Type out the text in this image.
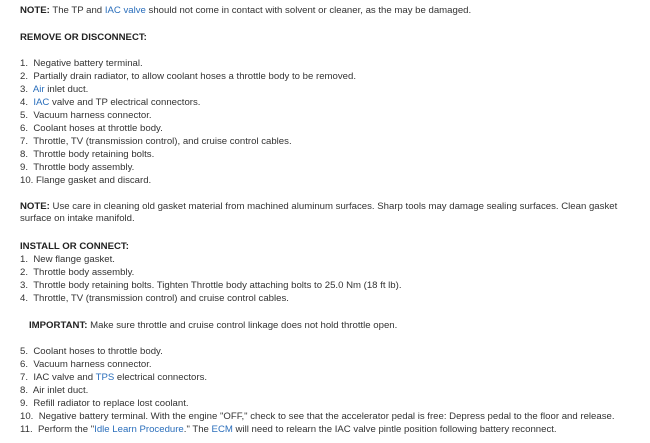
NOTE: The TP and IAC valve should not come in contact with solvent or cleaner, as the may be damaged.
REMOVE OR DISCONNECT:
1. Negative battery terminal.
2. Partially drain radiator, to allow coolant hoses a throttle body to be removed.
3. Air inlet duct.
4. IAC valve and TP electrical connectors.
5. Vacuum harness connector.
6. Coolant hoses at throttle body.
7. Throttle, TV (transmission control), and cruise control cables.
8. Throttle body retaining bolts.
9. Throttle body assembly.
10. Flange gasket and discard.
NOTE: Use care in cleaning old gasket material from machined aluminum surfaces. Sharp tools may damage sealing surfaces. Clean gasket surface on intake manifold.
INSTALL OR CONNECT:
1. New flange gasket.
2. Throttle body assembly.
3. Throttle body retaining bolts. Tighten Throttle body attaching bolts to 25.0 Nm (18 ft lb).
4. Throttle, TV (transmission control) and cruise control cables.
IMPORTANT: Make sure throttle and cruise control linkage does not hold throttle open.
5. Coolant hoses to throttle body.
6. Vacuum harness connector.
7. IAC valve and TPS electrical connectors.
8. Air inlet duct.
9. Refill radiator to replace lost coolant.
10. Negative battery terminal. With the engine "OFF," check to see that the accelerator pedal is free: Depress pedal to the floor and release.
11. Perform the "Idle Learn Procedure." The ECM will need to relearn the IAC valve pintle position following battery reconnect.
